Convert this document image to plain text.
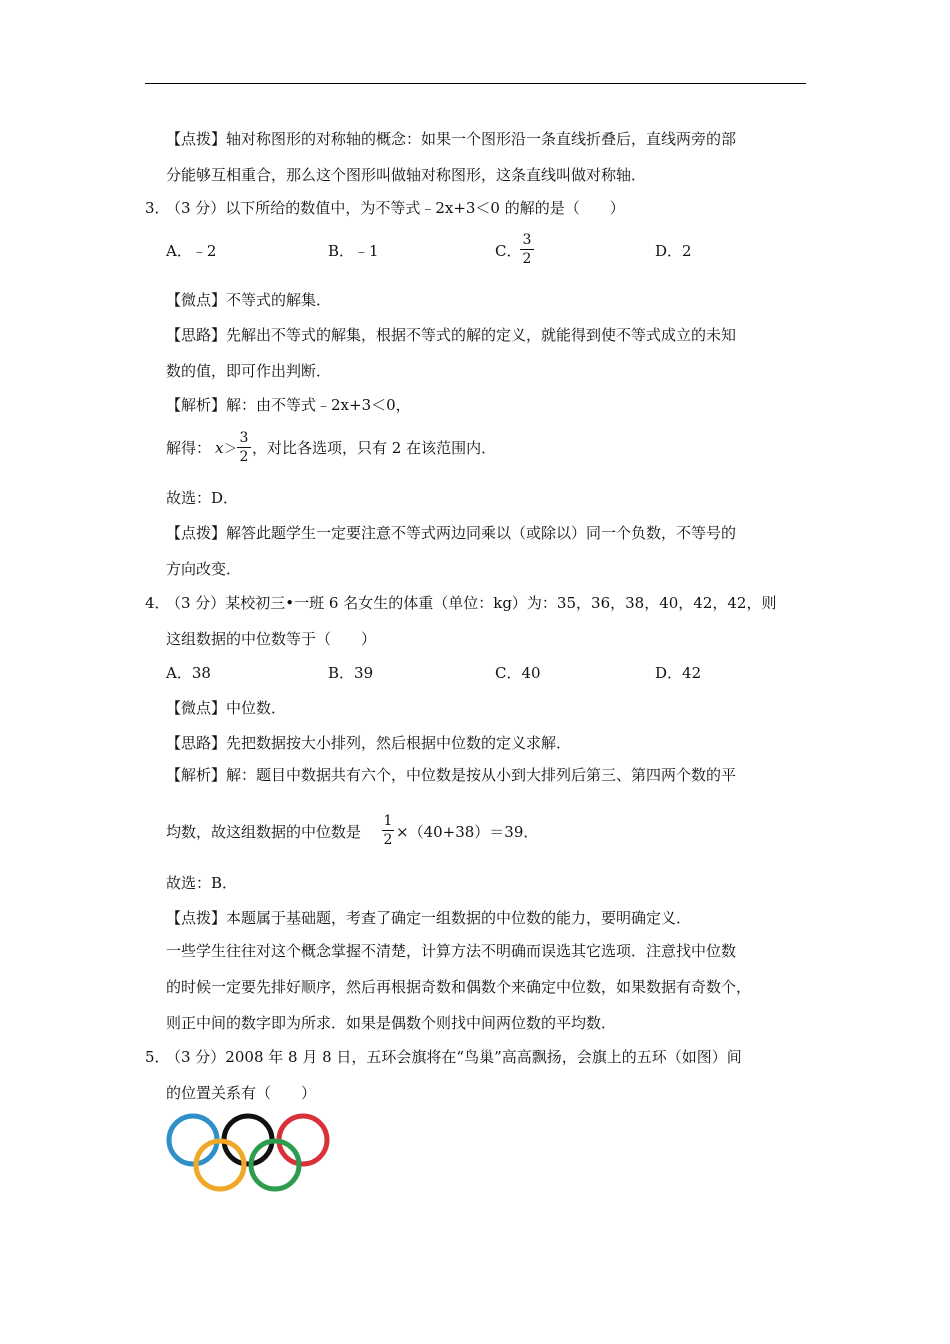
【点拨】轴对称图形的对称轴的概念：如果一个图形沿一条直线折叠后，直线两旁的部
分能够互相重合，那么这个图形叫做轴对称图形，这条直线叫做对称轴．
3．
（3 分）以下所给的数值中，为不等式﹣2x+3＜0 的解的是（　　）
A．﹣2	B．﹣1	C．
3
2	D．2
【微点】不等式的解集．
【思路】先解出不等式的解集，根据不等式的解的定义，就能得到使不等式成立的未知
数的值，即可作出判断．
【解析】解：由不等式﹣2x+3＜0，
解得： x ＞
3
2 ，对比各选项，只有 2 在该范围内．
故选：D．
【点拨】解答此题学生一定要注意不等式两边同乘以（或除以）同一个负数，不等号的
方向改变．
4．
（3 分）某校初三•一班 6 名女生的体重（单位：kg）为：35，36，38，40，42，42，则
这组数据的中位数等于（　　）
A．38	B．39	C．40	D．42
【微点】中位数．
【思路】先把数据按大小排列，然后根据中位数的定义求解．
【解析】解：题目中数据共有六个，中位数是按从小到大排列后第三、第四两个数的平
均数，故这组数据的中位数是
1
2 ×（40+38）＝39．
故选：B．
【点拨】本题属于基础题，考查了确定一组数据的中位数的能力，要明确定义．
一些学生往往对这个概念掌握不清楚，计算方法不明确而误选其它选项．注意找中位数
的时候一定要先排好顺序，然后再根据奇数和偶数个来确定中位数，如果数据有奇数个，
则正中间的数字即为所求．如果是偶数个则找中间两位数的平均数．
5．
（3 分）2008 年 8 月 8 日，五环会旗将在“鸟巢”高高飘扬，会旗上的五环（如图）间
的位置关系有（　　）
